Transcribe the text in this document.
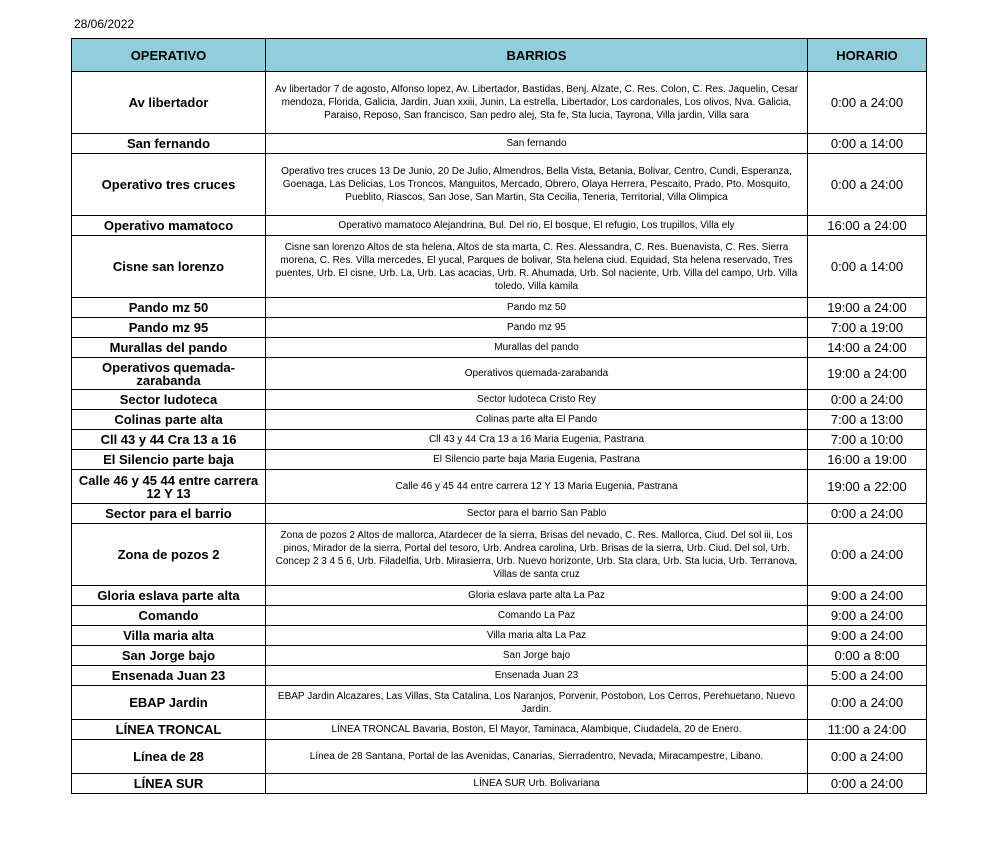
28/06/2022
OPERATIVO	BARRIOS	HORARIO
Av libertador	Av libertador 7 de agosto, Alfonso lopez, Av. Libertador, Bastidas, Benj. Alzate, C. Res. Colon, C. Res. Jaquelin, Cesar mendoza, Florida, Galicia, Jardin, Juan xxiii, Junin, La estrella, Libertador, Los cardonales, Los olivos, Nva. Galicia, Paraiso, Reposo, San francisco, San pedro alej, Sta fe, Sta lucia, Tayrona, Villa jardin, Villa sara	0:00 a 24:00
San fernando	San fernando	0:00 a 14:00
Operativo tres cruces	Operativo tres cruces 13 De Junio, 20 De Julio, Almendros, Bella Vista, Betania, Bolivar, Centro, Cundi, Esperanza, Goenaga, Las Delicias, Los Troncos, Manguitos, Mercado, Obrero, Olaya Herrera, Pescaito, Prado, Pto. Mosquito, Pueblito, Riascos, San Jose, San Martin, Sta Cecilia, Teneria, Territorial, Villa Olimpica	0:00 a 24:00
Operativo mamatoco	Operativo mamatoco Alejandrina, Bul. Del rio, El bosque, El refugio, Los trupillos, Villa ely	16:00 a 24:00
Cisne san lorenzo	Cisne san lorenzo Altos de sta helena, Altos de sta marta, C. Res. Alessandra, C. Res. Buenavista, C. Res. Sierra morena, C. Res. Villa mercedes, El yucal, Parques de bolivar, Sta helena ciud. Equidad, Sta helena reservado, Tres puentes, Urb. El cisne, Urb. La, Urb. Las acacias, Urb. R. Ahumada, Urb. Sol naciente, Urb. Villa del campo, Urb. Villa toledo, Villa kamila	0:00 a 14:00
Pando mz 50	Pando mz 50	19:00 a 24:00
Pando mz 95	Pando mz 95	7:00 a 19:00
Murallas del pando	Murallas del pando	14:00 a 24:00
Operativos quemada-zarabanda	Operativos quemada-zarabanda	19:00 a 24:00
Sector ludoteca	Sector ludoteca Cristo Rey	0:00 a 24:00
Colinas parte alta	Colinas parte alta El Pando	7:00 a 13:00
Cll 43 y 44 Cra 13 a 16	Cll 43 y 44 Cra 13 a 16 Maria Eugenia, Pastrana	7:00 a 10:00
El Silencio parte baja	El Silencio parte baja Maria Eugenia, Pastrana	16:00 a 19:00
Calle 46 y 45 44 entre carrera 12 Y 13	Calle 46 y 45 44 entre carrera 12 Y 13 Maria Eugenia, Pastrana	19:00 a 22:00
Sector para el barrio	Sector para el barrio San Pablo	0:00 a 24:00
Zona de pozos 2	Zona de pozos 2 Altos de mallorca, Atardecer de la sierra, Brisas del nevado, C. Res. Mallorca, Ciud. Del sol iii, Los pinos, Mirador de la sierra, Portal del tesoro, Urb. Andrea carolina, Urb. Brisas de la sierra, Urb. Ciud. Del sol, Urb. Concep 2 3 4 5 6, Urb. Filadelfia, Urb. Mirasierra, Urb. Nuevo horizonte, Urb. Sta clara, Urb. Sta lucia, Urb. Terranova, Villas de santa cruz	0:00 a 24:00
Gloria eslava parte alta	Gloria eslava parte alta La Paz	9:00 a 24:00
Comando	Comando La Paz	9:00 a 24:00
Villa maria alta	Villa maria alta La Paz	9:00 a 24:00
San Jorge bajo	San Jorge bajo	0:00 a 8:00
Ensenada Juan 23	Ensenada Juan 23	5:00 a 24:00
EBAP Jardin	EBAP Jardin Alcazares, Las Villas, Sta Catalina, Los Naranjos, Porvenir, Postobon, Los Cerros, Perehuetano, Nuevo Jardin.	0:00 a 24:00
LÍNEA TRONCAL	LÍNEA TRONCAL Bavaria, Boston, El Mayor, Taminaca, Alambique, Ciudadela, 20 de Enero.	11:00 a 24:00
Línea de 28	Línea de 28 Santana, Portal de las Avenidas, Canarias, Sierradentro, Nevada, Miracampestre, Libano.	0:00 a 24:00
LÍNEA SUR	LÍNEA SUR Urb. Bolivariana	0:00 a 24:00
